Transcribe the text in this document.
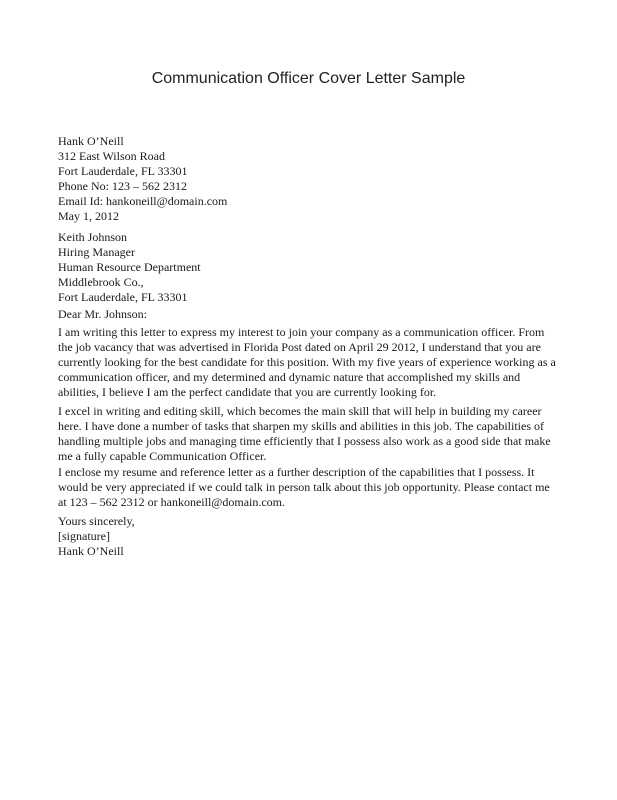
Communication Officer Cover Letter Sample
Hank O’Neill
312 East Wilson Road
Fort Lauderdale, FL 33301
Phone No: 123 – 562 2312
Email Id: hankoneill@domain.com
May 1, 2012
Keith Johnson
Hiring Manager
Human Resource Department
Middlebrook Co.,
Fort Lauderdale, FL 33301
Dear Mr. Johnson:
I am writing this letter to express my interest to join your company as a communication officer. From
the job vacancy that was advertised in Florida Post dated on April 29 2012, I understand that you are
currently looking for the best candidate for this position. With my five years of experience working as a
communication officer, and my determined and dynamic nature that accomplished my skills and
abilities, I believe I am the perfect candidate that you are currently looking for.
I excel in writing and editing skill, which becomes the main skill that will help in building my career
here. I have done a number of tasks that sharpen my skills and abilities in this job. The capabilities of
handling multiple jobs and managing time efficiently that I possess also work as a good side that make
me a fully capable Communication Officer.
I enclose my resume and reference letter as a further description of the capabilities that I possess. It
would be very appreciated if we could talk in person talk about this job opportunity. Please contact me
at 123 – 562 2312 or hankoneill@domain.com.
Yours sincerely,
[signature]
Hank O’Neill
